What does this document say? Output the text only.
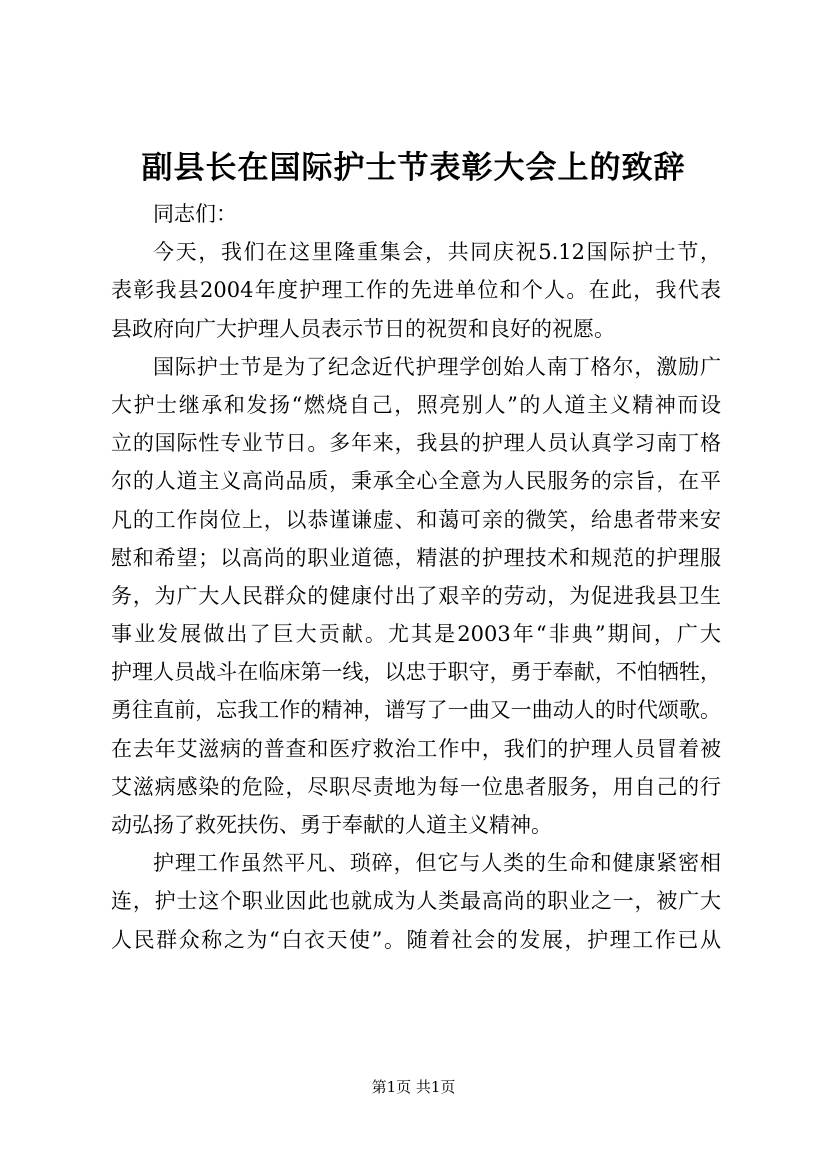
副县长在国际护士节表彰大会上的致辞
同志们：
今天，我们在这里隆重集会，共同庆祝5.12国际护士节，
表彰我县2004年度护理工作的先进单位和个人。在此，我代表
县政府向广大护理人员表示节日的祝贺和良好的祝愿。
国际护士节是为了纪念近代护理学创始人南丁格尔，激励广
大护士继承和发扬“燃烧自己，照亮别人”的人道主义精神而设
立的国际性专业节日。多年来，我县的护理人员认真学习南丁格
尔的人道主义高尚品质，秉承全心全意为人民服务的宗旨，在平
凡的工作岗位上，以恭谨谦虚、和蔼可亲的微笑，给患者带来安
慰和希望；以高尚的职业道德，精湛的护理技术和规范的护理服
务，为广大人民群众的健康付出了艰辛的劳动，为促进我县卫生
事业发展做出了巨大贡献。尤其是2003年“非典”期间，广大
护理人员战斗在临床第一线，以忠于职守，勇于奉献，不怕牺牲，
勇往直前，忘我工作的精神，谱写了一曲又一曲动人的时代颂歌。
在去年艾滋病的普查和医疗救治工作中，我们的护理人员冒着被
艾滋病感染的危险，尽职尽责地为每一位患者服务，用自己的行
动弘扬了救死扶伤、勇于奉献的人道主义精神。
护理工作虽然平凡、琐碎，但它与人类的生命和健康紧密相
连，护士这个职业因此也就成为人类最高尚的职业之一，被广大
人民群众称之为“白衣天使”。随着社会的发展，护理工作已从
第1页 共1页
